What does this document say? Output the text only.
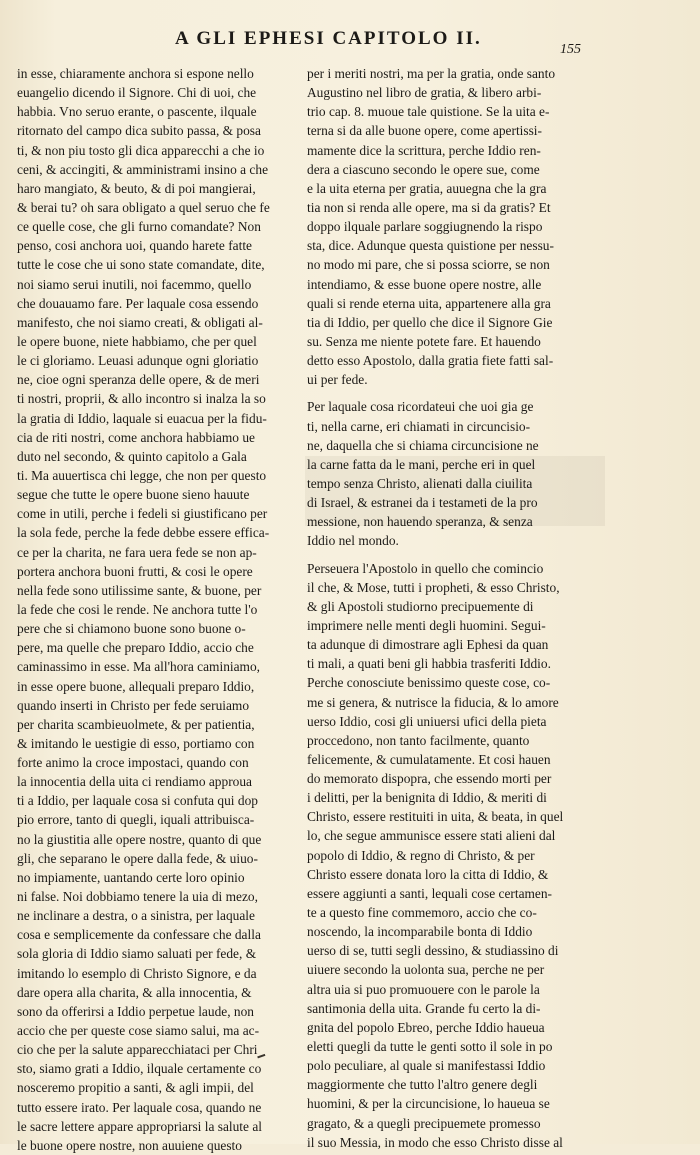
A GLI EPHESI CAPITOLO II.
155
in esse, chiaramente anchora si espone nello
euangelio dicendo il Signore. Chi di uoi, che
habbia. Vno seruo erante, o pascente, ilquale
ritornato del campo dica subito passa, & posa
ti, & non piu tosto gli dica apparecchi a che io
ceni, & accingiti, & amministrami insino a che
haro mangiato, & beuto, & di poi mangierai,
& berai tu? oh sara obligato a quel seruo che fe
ce quelle cose, che gli furno comandate? Non
penso, cosi anchora uoi, quando harete fatte
tutte le cose che ui sono state comandate, dite,
noi siamo serui inutili, noi facemmo, quello
che douauamo fare. Per laquale cosa essendo
manifesto, che noi siamo creati, & obligati al-
le opere buone, niete habbiamo, che per quel
le ci gloriamo. Leuasi adunque ogni gloriatio
ne, cioe ogni speranza delle opere, & de meri
ti nostri, proprii, & allo incontro si inalza la so
la gratia di Iddio, laquale si euacua per la fidu-
cia de riti nostri, come anchora habbiamo ue
duto nel secondo, & quinto capitolo a Gala
ti. Ma auuertisca chi legge, che non per questo
segue che tutte le opere buone sieno hauute
come in utili, perche i fedeli si giustificano per
la sola fede, perche la fede debbe essere effica-
ce per la charita, ne fara uera fede se non ap-
portera anchora buoni frutti, & cosi le opere
nella fede sono utilissime sante, & buone, per
la fede che cosi le rende. Ne anchora tutte l'o
pere che si chiamono buone sono buone o-
pere, ma quelle che preparo Iddio, accio che
caminassimo in esse. Ma all'hora caminiamo,
in esse opere buone, allequali preparo Iddio,
quando inserti in Christo per fede seruiamo
per charita scambieuolmete, & per patientia,
& imitando le uestigie di esso, portiamo con
forte animo la croce impostaci, quando con
la innocentia della uita ci rendiamo approua
ti a Iddio, per laquale cosa si confuta qui dop
pio errore, tanto di quegli, iquali attribuisca-
no la giustitia alle opere nostre, quanto di que
gli, che separano le opere dalla fede, & uiuo-
no impiamente, uantando certe loro opinio
ni false. Noi dobbiamo tenere la uia di mezo,
ne inclinare a destra, o a sinistra, per laquale
cosa e semplicemente da confessare che dalla
sola gloria di Iddio siamo saluati per fede, &
imitando lo esemplo di Christo Signore, e da
dare opera alla charita, & alla innocentia, &
sono da offerirsi a Iddio perpetue laude, non
accio che per queste cose siamo salui, ma ac-
cio che per la salute apparecchiataci per Chri
sto, siamo grati a Iddio, ilquale certamente co
nosceremo propitio a santi, & agli impii, del
tutto essere irato. Per laquale cosa, quando ne
le sacre lettere appare appropriarsi la salute al
le buone opere nostre, non auuiene questo
per i meriti nostri, ma per la gratia, onde santo
Augustino nel libro de gratia, & libero arbi-
trio cap. 8. muoue tale quistione. Se la uita e-
terna si da alle buone opere, come apertissi-
mamente dice la scrittura, perche Iddio ren-
dera a ciascuno secondo le opere sue, come
e la uita eterna per gratia, auuegna che la gra
tia non si renda alle opere, ma si da gratis? Et
doppo ilquale parlare soggiugnendo la rispo
sta, dice. Adunque questa quistione per nessu-
no modo mi pare, che si possa sciorre, se non
intendiamo, & esse buone opere nostre, alle
quali si rende eterna uita, appartenere alla gra
tia di Iddio, per quello che dice il Signore Gie
su. Senza me niente potete fare. Et hauendo
detto esso Apostolo, dalla gratia fiete fatti sal-
ui per fede.
Per laquale cosa ricordateui che uoi gia ge
ti, nella carne, eri chiamati in circuncisio-
ne, daquella che si chiama circuncisione ne
la carne fatta da le mani, perche eri in quel
tempo senza Christo, alienati dalla ciuilita
di Israel, & estranei da i testameti de la pro
messione, non hauendo speranza, & senza
Iddio nel mondo.
Perseuera l'Apostolo in quello che comincio
il che, & Mose, tutti i propheti, & esso Christo,
& gli Apostoli studiorno precipuemente di
imprimere nelle menti degli huomini. Segui-
ta adunque di dimostrare agli Ephesi da quan
ti mali, a quati beni gli habbia trasferiti Iddio.
Perche conosciute benissimo queste cose, co-
me si genera, & nutrisce la fiducia, & lo amore
uerso Iddio, cosi gli uniuersi ufici della pieta
proccedono, non tanto facilmente, quanto
felicemente, & cumulatamente. Et cosi hauen
do memorato dispopra, che essendo morti per
i delitti, per la benignita di Iddio, & meriti di
Christo, essere restituiti in uita, & beata, in quel
lo, che segue ammunisce essere stati alieni dal
popolo di Iddio, & regno di Christo, & per
Christo essere donata loro la citta di Iddio, &
essere aggiunti a santi, lequali cose certamen-
te a questo fine commemoro, accio che co-
noscendo, la incomparabile bonta di Iddio
uerso di se, tutti segli dessino, & studiassino di
uiuere secondo la uolonta sua, perche ne per
altra uia si puo promuouere con le parole la
santimonia della uita. Grande fu certo la di-
gnita del popolo Ebreo, perche Iddio haueua
eletti quegli da tutte le genti sotto il sole in po
polo peculiare, al quale si manifestassi Iddio
maggiormente che tutto l'altro genere degli
huomini, & per la circuncisione, lo haueua se
gragato, & a quegli precipuemete promesso
il suo Messia, in modo che esso Christo disse al
